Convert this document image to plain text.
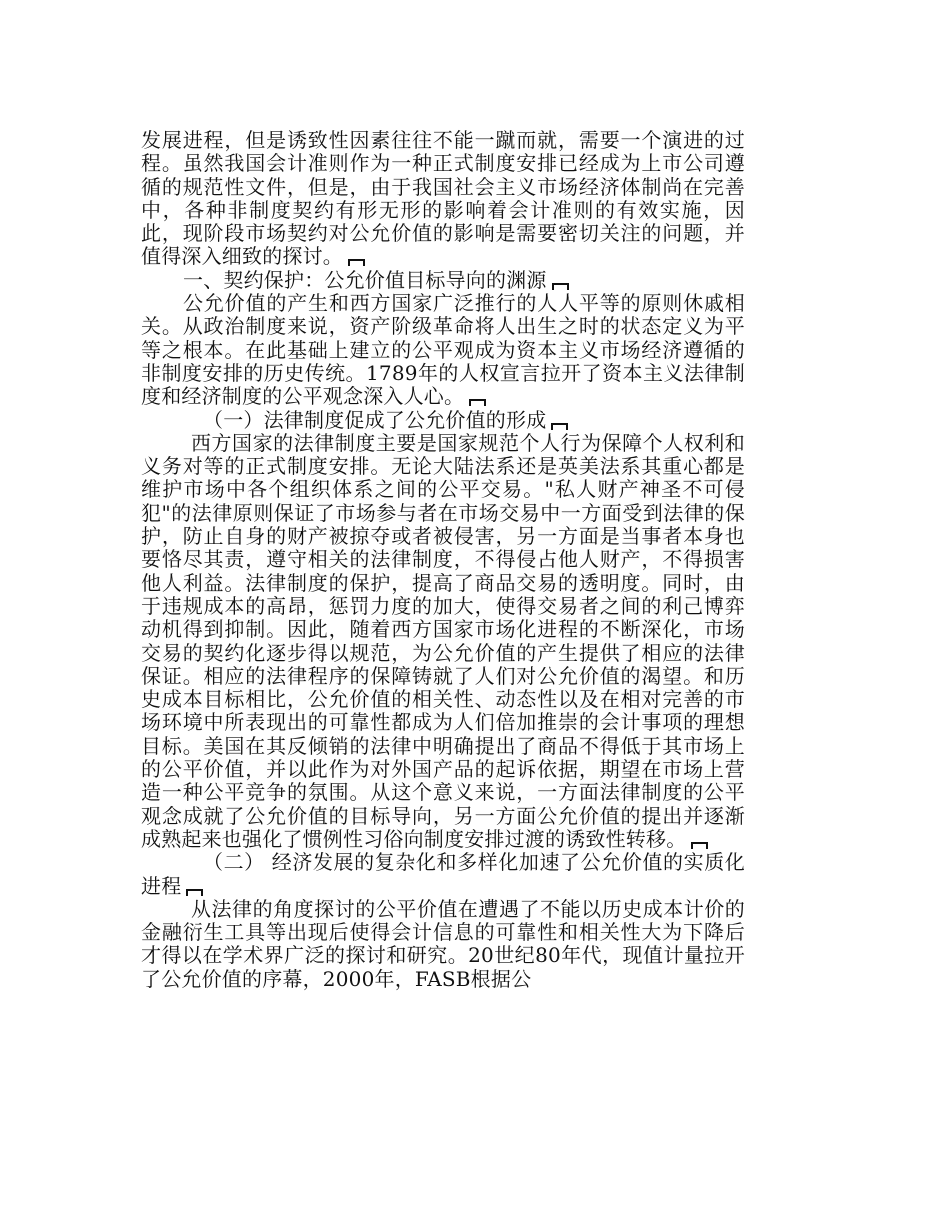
发展进程，但是诱致性因素往往不能一蹴而就，需要一个演进的过程。虽然我国会计准则作为一种正式制度安排已经成为上市公司遵循的规范性文件，但是，由于我国社会主义市场经济体制尚在完善中，各种非制度契约有形无形的影响着会计准则的有效实施，因此，现阶段市场契约对公允价值的影响是需要密切关注的问题，并值得深入细致的探讨。

一、契约保护：公允价值目标导向的渊源

公允价值的产生和西方国家广泛推行的人人平等的原则休戚相关。从政治制度来说，资产阶级革命将人出生之时的状态定义为平等之根本。在此基础上建立的公平观成为资本主义市场经济遵循的非制度安排的历史传统。1789年的人权宣言拉开了资本主义法律制度和经济制度的公平观念深入人心。

（一）法律制度促成了公允价值的形成

西方国家的法律制度主要是国家规范个人行为保障个人权利和义务对等的正式制度安排。无论大陆法系还是英美法系其重心都是维护市场中各个组织体系之间的公平交易。"私人财产神圣不可侵犯"的法律原则保证了市场参与者在市场交易中一方面受到法律的保护，防止自身的财产被掠夺或者被侵害，另一方面是当事者本身也要恪尽其责，遵守相关的法律制度，不得侵占他人财产，不得损害他人利益。法律制度的保护，提高了商品交易的透明度。同时，由于违规成本的高昂，惩罚力度的加大，使得交易者之间的利己博弈动机得到抑制。因此，随着西方国家市场化进程的不断深化，市场交易的契约化逐步得以规范，为公允价值的产生提供了相应的法律保证。相应的法律程序的保障铸就了人们对公允价值的渴望。和历史成本目标相比，公允价值的相关性、动态性以及在相对完善的市场环境中所表现出的可靠性都成为人们倍加推崇的会计事项的理想目标。美国在其反倾销的法律中明确提出了商品不得低于其市场上的公平价值，并以此作为对外国产品的起诉依据，期望在市场上营造一种公平竞争的氛围。从这个意义来说，一方面法律制度的公平观念成就了公允价值的目标导向，另一方面公允价值的提出并逐渐成熟起来也强化了惯例性习俗向制度安排过渡的诱致性转移。

（二） 经济发展的复杂化和多样化加速了公允价值的实质化进程

从法律的角度探讨的公平价值在遭遇了不能以历史成本计价的金融衍生工具等出现后使得会计信息的可靠性和相关性大为下降后才得以在学术界广泛的探讨和研究。20世纪80年代，现值计量拉开了公允价值的序幕，2000年，FASB根据公
